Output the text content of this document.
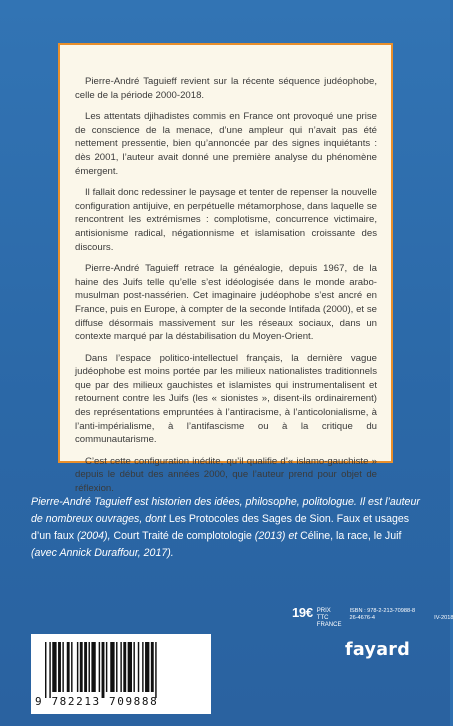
Pierre-André Taguieff revient sur la récente séquence judéophobe, celle de la période 2000-2018.

Les attentats djihadistes commis en France ont provoqué une prise de conscience de la menace, d’une ampleur qui n’avait pas été nettement pressentie, bien qu’annoncée par des signes inquiétants : dès 2001, l’auteur avait donné une première analyse du phénomène émergent.

Il fallait donc redessiner le paysage et tenter de repenser la nouvelle configuration antijuive, en perpétuelle métamorphose, dans laquelle se rencontrent les extrémismes : complotisme, concurrence victimaire, antisionisme radical, négationnisme et islamisation croissante des discours.

Pierre-André Taguieff retrace la généalogie, depuis 1967, de la haine des Juifs telle qu’elle s’est idéologisée dans le monde arabo-musulman post-nassérien. Cet imaginaire judéophobe s’est ancré en France, puis en Europe, à compter de la seconde Intifada (2000), et se diffuse désormais massivement sur les réseaux sociaux, dans un contexte marqué par la déstabilisation du Moyen-Orient.

Dans l’espace politico-intellectuel français, la dernière vague judéophobe est moins portée par les milieux nationalistes traditionnels que par des milieux gauchistes et islamistes qui instrumentalisent et retournent contre les Juifs (les « sionistes », disent-ils ordinairement) des représentations empruntées à l’antiracisme, à l’anticolonialisme, à l’anti-impérialisme, à l’antifascisme ou à la critique du communautarisme.

C’est cette configuration inédite, qu’il qualifie d’« islamo-gauchiste » depuis le début des années 2000, que l’auteur prend pour objet de réflexion.

Pierre-André Taguieff est historien des idées, philosophe, politologue. Il est l’auteur de nombreux ouvrages, dont Les Protocoles des Sages de Sion. Faux et usages d’un faux (2004), Court Traité de complotologie (2013) et Céline, la race, le Juif (avec Annick Duraffour, 2017).
19€ PRIX TTC
FRANCE
ISBN : 978-2-213-70988-8
26-4676-4	IV-2018
fayard
9 782213 709888
